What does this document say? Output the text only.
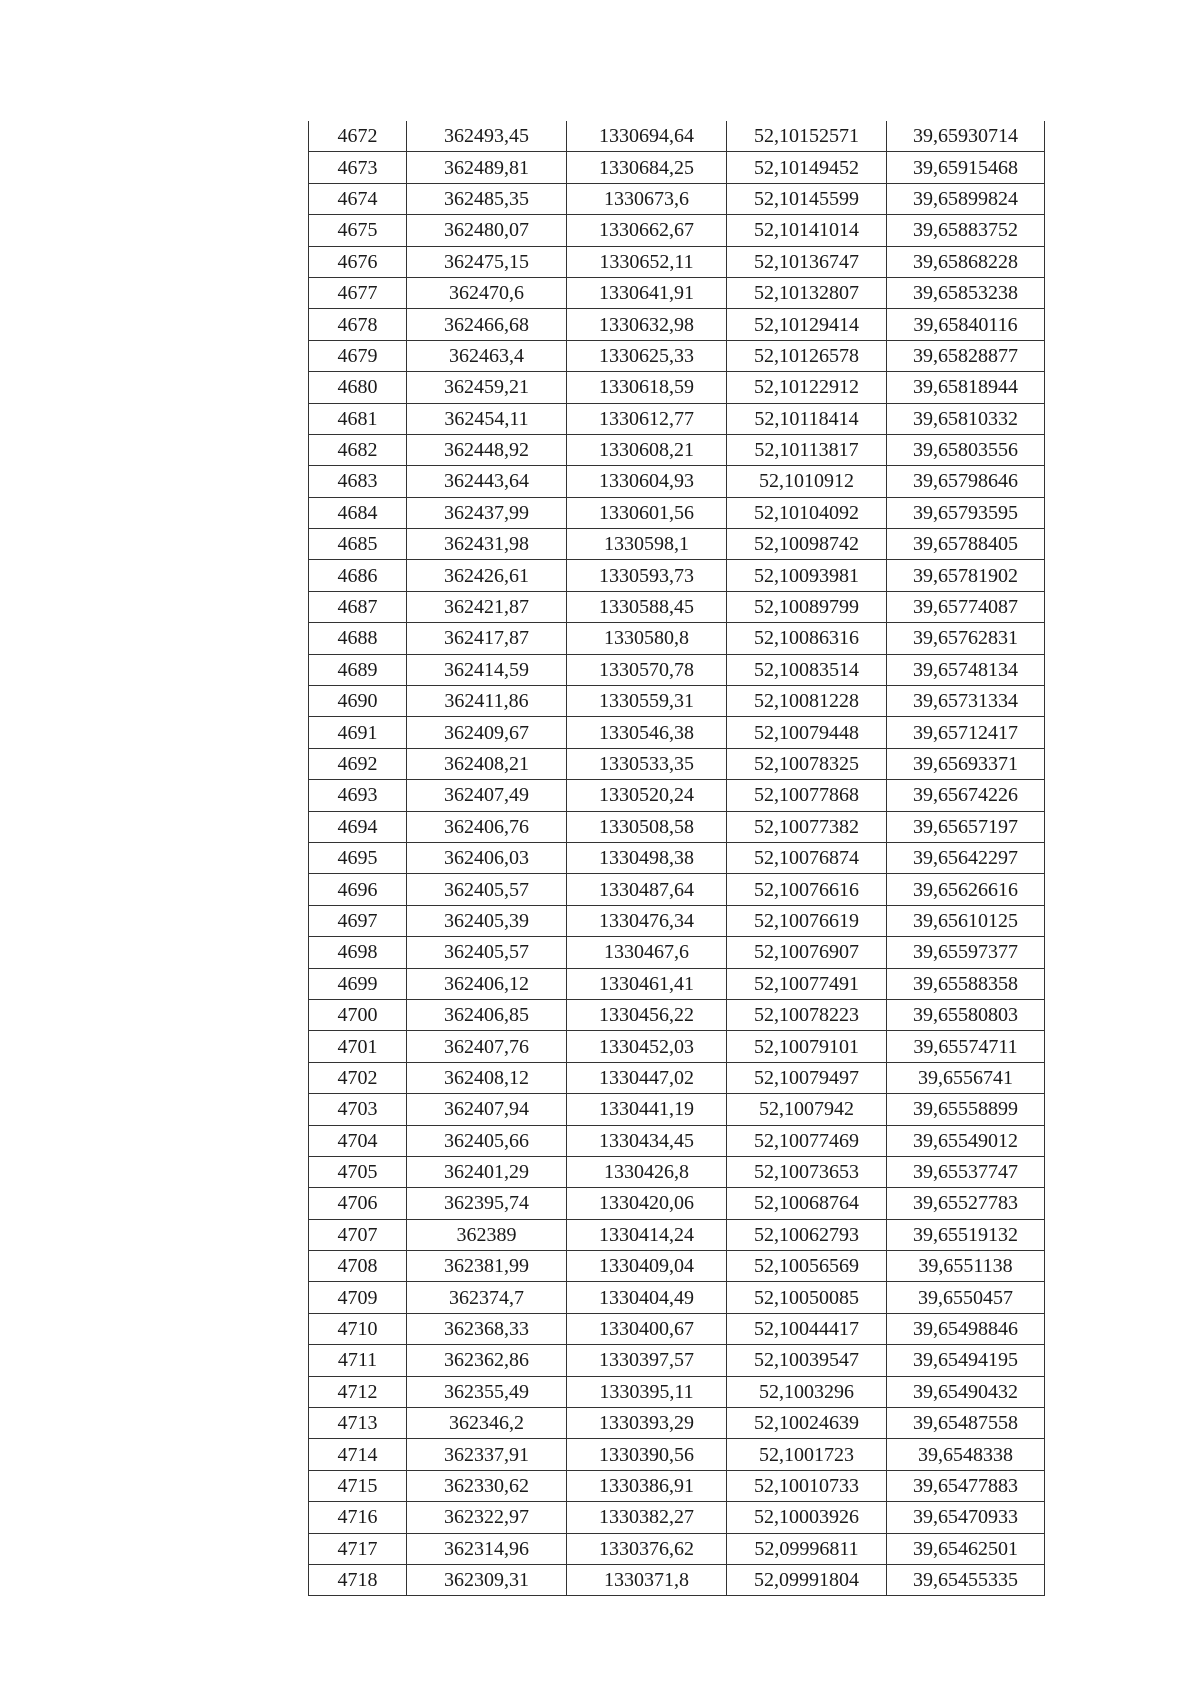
4672	362493,45	1330694,64	52,10152571	39,65930714
4673	362489,81	1330684,25	52,10149452	39,65915468
4674	362485,35	1330673,6	52,10145599	39,65899824
4675	362480,07	1330662,67	52,10141014	39,65883752
4676	362475,15	1330652,11	52,10136747	39,65868228
4677	362470,6	1330641,91	52,10132807	39,65853238
4678	362466,68	1330632,98	52,10129414	39,65840116
4679	362463,4	1330625,33	52,10126578	39,65828877
4680	362459,21	1330618,59	52,10122912	39,65818944
4681	362454,11	1330612,77	52,10118414	39,65810332
4682	362448,92	1330608,21	52,10113817	39,65803556
4683	362443,64	1330604,93	52,1010912	39,65798646
4684	362437,99	1330601,56	52,10104092	39,65793595
4685	362431,98	1330598,1	52,10098742	39,65788405
4686	362426,61	1330593,73	52,10093981	39,65781902
4687	362421,87	1330588,45	52,10089799	39,65774087
4688	362417,87	1330580,8	52,10086316	39,65762831
4689	362414,59	1330570,78	52,10083514	39,65748134
4690	362411,86	1330559,31	52,10081228	39,65731334
4691	362409,67	1330546,38	52,10079448	39,65712417
4692	362408,21	1330533,35	52,10078325	39,65693371
4693	362407,49	1330520,24	52,10077868	39,65674226
4694	362406,76	1330508,58	52,10077382	39,65657197
4695	362406,03	1330498,38	52,10076874	39,65642297
4696	362405,57	1330487,64	52,10076616	39,65626616
4697	362405,39	1330476,34	52,10076619	39,65610125
4698	362405,57	1330467,6	52,10076907	39,65597377
4699	362406,12	1330461,41	52,10077491	39,65588358
4700	362406,85	1330456,22	52,10078223	39,65580803
4701	362407,76	1330452,03	52,10079101	39,65574711
4702	362408,12	1330447,02	52,10079497	39,6556741
4703	362407,94	1330441,19	52,1007942	39,65558899
4704	362405,66	1330434,45	52,10077469	39,65549012
4705	362401,29	1330426,8	52,10073653	39,65537747
4706	362395,74	1330420,06	52,10068764	39,65527783
4707	362389	1330414,24	52,10062793	39,65519132
4708	362381,99	1330409,04	52,10056569	39,6551138
4709	362374,7	1330404,49	52,10050085	39,6550457
4710	362368,33	1330400,67	52,10044417	39,65498846
4711	362362,86	1330397,57	52,10039547	39,65494195
4712	362355,49	1330395,11	52,1003296	39,65490432
4713	362346,2	1330393,29	52,10024639	39,65487558
4714	362337,91	1330390,56	52,1001723	39,6548338
4715	362330,62	1330386,91	52,10010733	39,65477883
4716	362322,97	1330382,27	52,10003926	39,65470933
4717	362314,96	1330376,62	52,09996811	39,65462501
4718	362309,31	1330371,8	52,09991804	39,65455335
